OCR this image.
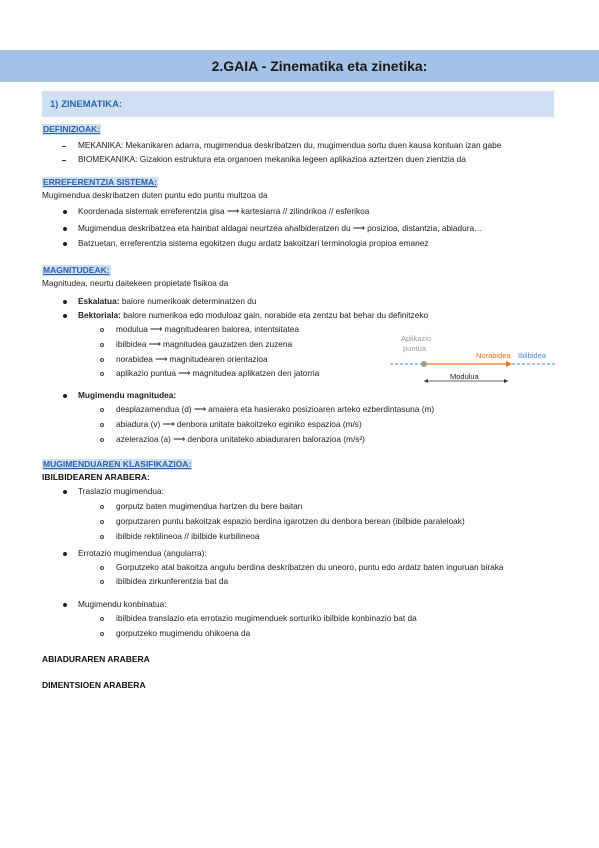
2.GAIA - Zinematika eta zinetika:
1) ZINEMATIKA:
DEFINIZIOAK:
MEKANIKA: Mekanikaren adarra, mugimendua deskribatzen du, mugimendua sortu duen kausa kontuan izan gabe
BIOMEKANIKA: Gizakion estruktura eta organoen mekanika legeen aplikazioa aztertzen duen zientzia da
ERREFERENTZIA SISTEMA:
Mugimendua deskribatzen duten puntu edo puntu multzoa da
Koordenada sistemak erreferentzia gisa ⟶ kartesiarra // zilindrikoa // esferikoa
Mugimendua deskribatzea eta hainbat aldagai neurtzea ahalbideratzen du ⟶ posizioa, distantzia, abiadura…
Batzuetan, erreferentzia sistema egokitzen dugu ardatz bakoitzari terminologia propioa emanez
MAGNITUDEAK:
Magnitudea, neurtu daitekeen propietate fisikoa da
Eskalatua: balore numerikoak determinatzen du
Bektoriala: balore numerikoa edo moduloaz gain, norabide eta zentzu bat behar du definitzeko
modulua ⟶ magnitudearen balorea, intentsitatea
ibilbidea ⟶ magnitudea gauzatzen den zuzena
norabidea ⟶ magnitudearen orientazioa
aplikazio puntua ⟶ magnitudea aplikatzen den jatorria
Aplikazio
puntua
Norabidea Ibilbidea
Modulua
Mugimendu magnitudea:
desplazamendua (d) ⟶ amaiera eta hasierako posizioaren arteko ezberdintasuna (m)
abiadura (v) ⟶ denbora unitate bakoitzeko eginiko espazioa (m/s)
azelerazioa (a) ⟶ denbora unitateko abiaduraren balorazioa (m/s²)
MUGIMENDUAREN KLASIFIKAZIOA:
IBILBIDEAREN ARABERA:
Traslazio mugimendua:
gorputz baten mugimendua hartzen du bere baitan
gorputzaren puntu bakoitzak espazio berdina igarotzen du denbora berean (ibilbide paraleloak)
ibilbide rektilineoa // ibilbide kurbilineoa
Errotazio mugimendua (angularra):
Gorputzeko atal bakoitza angulu berdina deskribatzen du uneoro, puntu edo ardatz baten inguruan biraka
ibilbidea zirkunferentzia bat da
Mugimendu konbinatua:
ibilbidea translazio eta errotazio mugimenduek sorturiko ibilbide konbinazio bat da
gorputzeko mugimendu ohikoena da
ABIADURAREN ARABERA
DIMENTSIOEN ARABERA
